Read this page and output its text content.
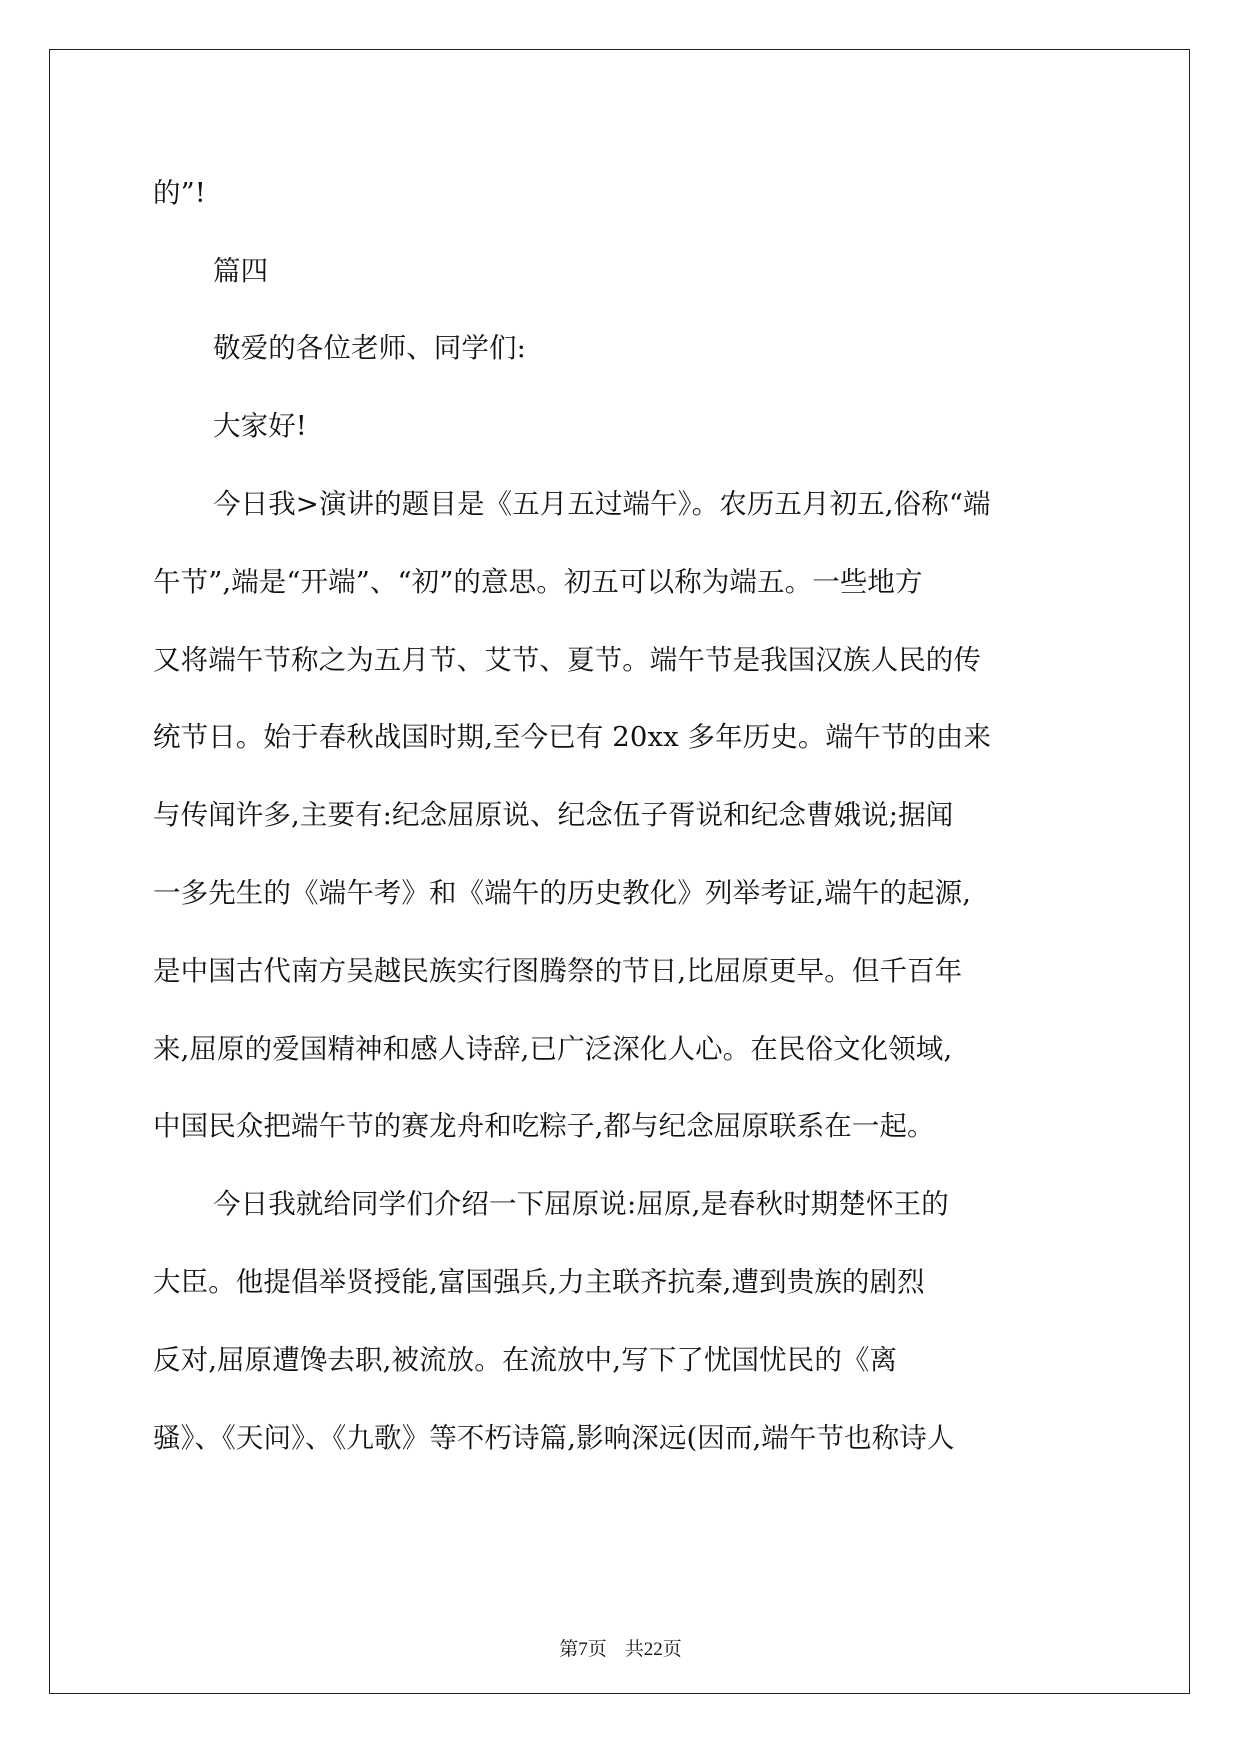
的”!
篇四
敬爱的各位老师、同学们:
大家好!
今日我>演讲的题目是《五月五过端午》。农历五月初五,俗称“端
午节”,端是“开端”、“初”的意思。初五可以称为端五。一些地方
又将端午节称之为五月节、艾节、夏节。端午节是我国汉族人民的传
统节日。始于春秋战国时期,至今已有 20xx 多年历史。端午节的由来
与传闻许多,主要有:纪念屈原说、纪念伍子胥说和纪念曹娥说;据闻
一多先生的《端午考》和《端午的历史教化》列举考证,端午的起源,
是中国古代南方吴越民族实行图腾祭的节日,比屈原更早。但千百年
来,屈原的爱国精神和感人诗辞,已广泛深化人心。在民俗文化领域,
中国民众把端午节的赛龙舟和吃粽子,都与纪念屈原联系在一起。
今日我就给同学们介绍一下屈原说:屈原,是春秋时期楚怀王的
大臣。他提倡举贤授能,富国强兵,力主联齐抗秦,遭到贵族的剧烈
反对,屈原遭馋去职,被流放。在流放中,写下了忧国忧民的《离
骚》、《天问》、《九歌》等不朽诗篇,影响深远(因而,端午节也称诗人
第7页 共22页
